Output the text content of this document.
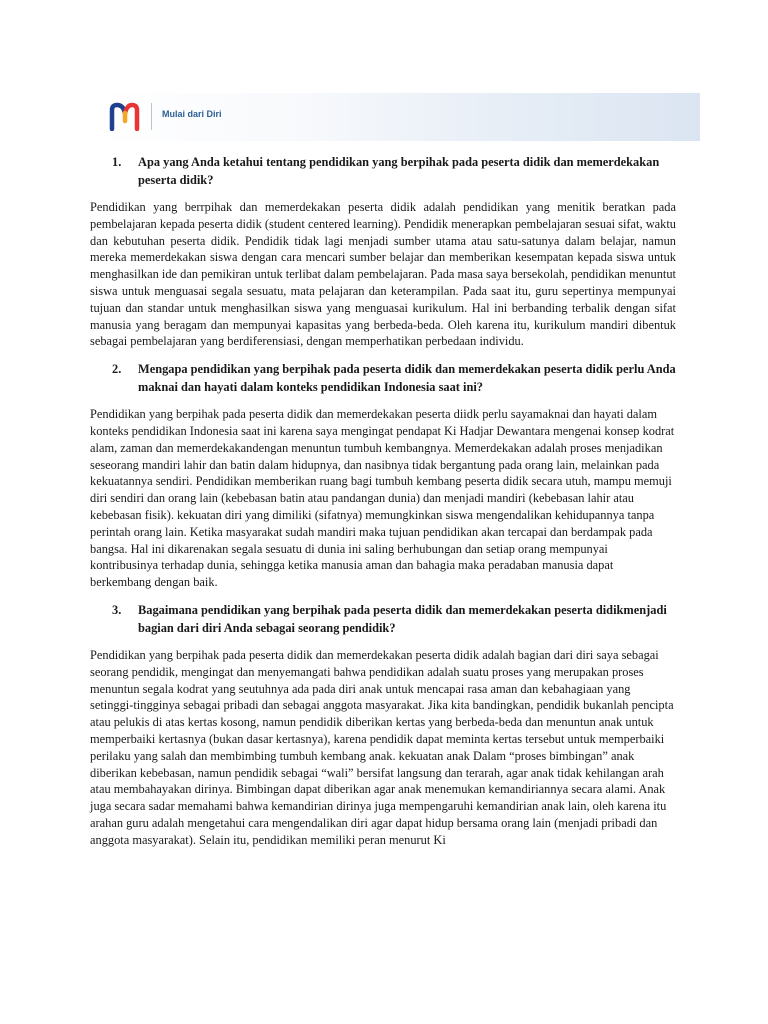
Mulai dari Diri
1.	Apa yang Anda ketahui tentang pendidikan yang berpihak pada peserta didik dan memerdekakan peserta didik?

Pendidikan yang berrpihak dan memerdekakan peserta didik adalah pendidikan yang menitik beratkan pada pembelajaran kepada peserta didik (student centered learning). Pendidik menerapkan pembelajaran sesuai sifat, waktu dan kebutuhan peserta didik. Pendidik tidak lagi menjadi sumber utama atau satu-satunya dalam belajar, namun mereka memerdekakan siswa dengan cara mencari sumber belajar dan memberikan kesempatan kepada siswa untuk menghasilkan ide dan pemikiran untuk terlibat dalam pembelajaran. Pada masa saya bersekolah, pendidikan menuntut siswa untuk menguasai segala sesuatu, mata pelajaran dan keterampilan. Pada saat itu, guru sepertinya mempunyai tujuan dan standar untuk menghasilkan siswa yang menguasai kurikulum. Hal ini berbanding terbalik dengan sifat manusia yang beragam dan mempunyai kapasitas yang berbeda-beda. Oleh karena itu, kurikulum mandiri dibentuk sebagai pembelajaran yang berdiferensiasi, dengan memperhatikan perbedaan individu.

2.	Mengapa pendidikan yang berpihak pada peserta didik dan memerdekakan peserta didik perlu Anda maknai dan hayati dalam konteks pendidikan Indonesia saat ini?

Pendidikan yang berpihak pada peserta didik dan memerdekakan peserta diidk perlu sayamaknai dan hayati dalam konteks pendidikan Indonesia saat ini karena saya mengingat pendapat Ki Hadjar Dewantara mengenai konsep kodrat alam, zaman dan memerdekakandengan menuntun tumbuh kembangnya. Memerdekakan adalah proses menjadikan seseorang mandiri lahir dan batin dalam hidupnya, dan nasibnya tidak bergantung pada orang lain, melainkan pada kekuatannya sendiri. Pendidikan memberikan ruang bagi tumbuh kembang peserta didik secara utuh, mampu memuji diri sendiri dan orang lain (kebebasan batin atau pandangan dunia) dan menjadi mandiri (kebebasan lahir atau kebebasan fisik). kekuatan diri yang dimiliki (sifatnya) memungkinkan siswa mengendalikan kehidupannya tanpa perintah orang lain. Ketika masyarakat sudah mandiri maka tujuan pendidikan akan tercapai dan berdampak pada bangsa. Hal ini dikarenakan segala sesuatu di dunia ini saling berhubungan dan setiap orang mempunyai kontribusinya terhadap dunia, sehingga ketika manusia aman dan bahagia maka peradaban manusia dapat berkembang dengan baik.

3.	Bagaimana pendidikan yang berpihak pada peserta didik dan memerdekakan peserta didikmenjadi bagian dari diri Anda sebagai seorang pendidik?

Pendidikan yang berpihak pada peserta didik dan memerdekakan peserta didik adalah bagian dari diri saya sebagai seorang pendidik, mengingat dan menyemangati bahwa pendidikan adalah suatu proses yang merupakan proses menuntun segala kodrat yang seutuhnya ada pada diri anak untuk mencapai rasa aman dan kebahagiaan yang setinggi-tingginya sebagai pribadi dan sebagai anggota masyarakat. Jika kita bandingkan, pendidik bukanlah pencipta atau pelukis di atas kertas kosong, namun pendidik diberikan kertas yang berbeda-beda dan menuntun anak untuk memperbaiki kertasnya (bukan dasar kertasnya), karena pendidik dapat meminta kertas tersebut untuk memperbaiki perilaku yang salah dan membimbing tumbuh kembang anak. kekuatan anak Dalam “proses bimbingan” anak diberikan kebebasan, namun pendidik sebagai “wali” bersifat langsung dan terarah, agar anak tidak kehilangan arah atau membahayakan dirinya. Bimbingan dapat diberikan agar anak menemukan kemandiriannya secara alami. Anak juga secara sadar memahami bahwa kemandirian dirinya juga mempengaruhi kemandirian anak lain, oleh karena itu arahan guru adalah mengetahui cara mengendalikan diri agar dapat hidup bersama orang lain (menjadi pribadi dan anggota masyarakat). Selain itu, pendidikan memiliki peran menurut Ki
